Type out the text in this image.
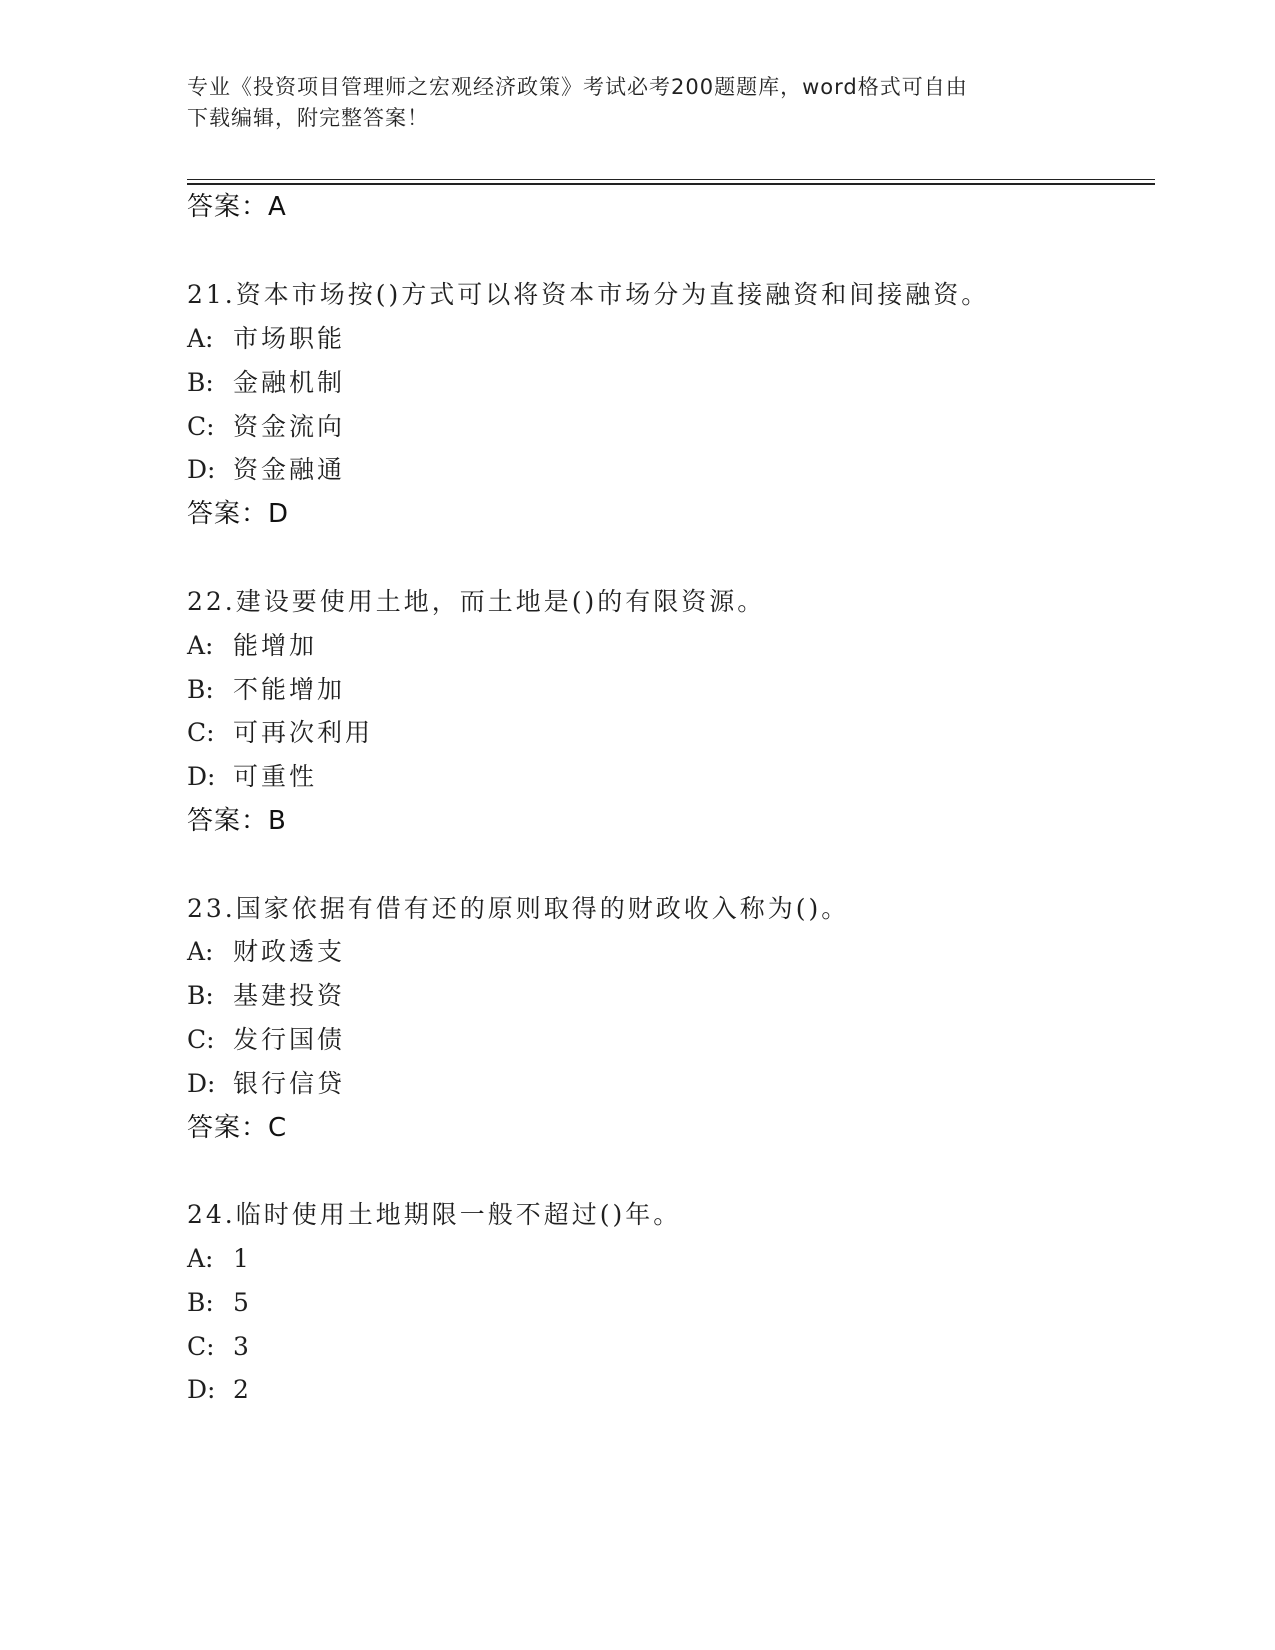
专业《投资项目管理师之宏观经济政策》考试必考200题题库，word格式可自由
下载编辑，附完整答案！
答案：A
21.资本市场按()方式可以将资本市场分为直接融资和间接融资。
A: 市场职能
B: 金融机制
C: 资金流向
D: 资金融通
答案：D
22.建设要使用土地，而土地是()的有限资源。
A: 能增加
B: 不能增加
C: 可再次利用
D: 可重性
答案：B
23.国家依据有借有还的原则取得的财政收入称为()。
A: 财政透支
B: 基建投资
C: 发行国债
D: 银行信贷
答案：C
24.临时使用土地期限一般不超过()年。
A: 1
B: 5
C: 3
D: 2
